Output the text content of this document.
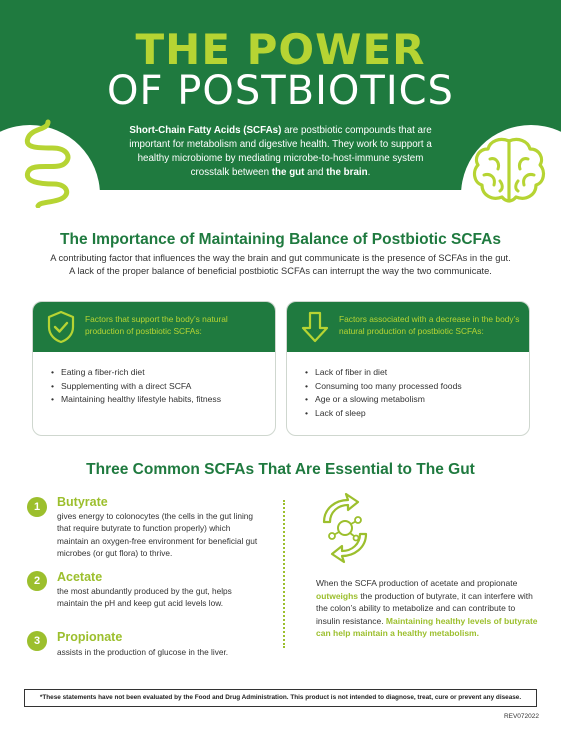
THE POWER
OF POSTBIOTICS
Short-Chain Fatty Acids (SCFAs) are postbiotic compounds that are important for metabolism and digestive health. They work to support a healthy microbiome by mediating microbe-to-host-immune system crosstalk between the gut and the brain.
The Importance of Maintaining Balance of Postbiotic SCFAs
A contributing factor that influences the way the brain and gut communicate is the presence of SCFAs in the gut.
A lack of the proper balance of beneficial postbiotic SCFAs can interrupt the way the two communicate.
Factors that support the body’s natural production of postbiotic SCFAs:
• Eating a fiber-rich diet
• Supplementing with a direct SCFA
• Maintaining healthy lifestyle habits, fitness
Factors associated with a decrease in the body’s natural production of postbiotic SCFAs:
• Lack of fiber in diet
• Consuming too many processed foods
• Age or a slowing metabolism
• Lack of sleep
Three Common SCFAs That Are Essential to The Gut
1	Butyrate
gives energy to colonocytes (the cells in the gut lining that require butyrate to function properly) which maintain an oxygen-free environment for beneficial gut microbes (or gut flora) to thrive.
2	Acetate
the most abundantly produced by the gut, helps maintain the pH and keep gut acid levels low.
3	Propionate
assists in the production of glucose in the liver.
When the SCFA production of acetate and propionate outweighs the production of butyrate, it can interfere with the colon’s ability to metabolize and can contribute to insulin resistance. Maintaining healthy levels of butyrate can help maintain a healthy metabolism.
*These statements have not been evaluated by the Food and Drug Administration. This product is not intended to diagnose, treat, cure or prevent any disease.
REV072022
